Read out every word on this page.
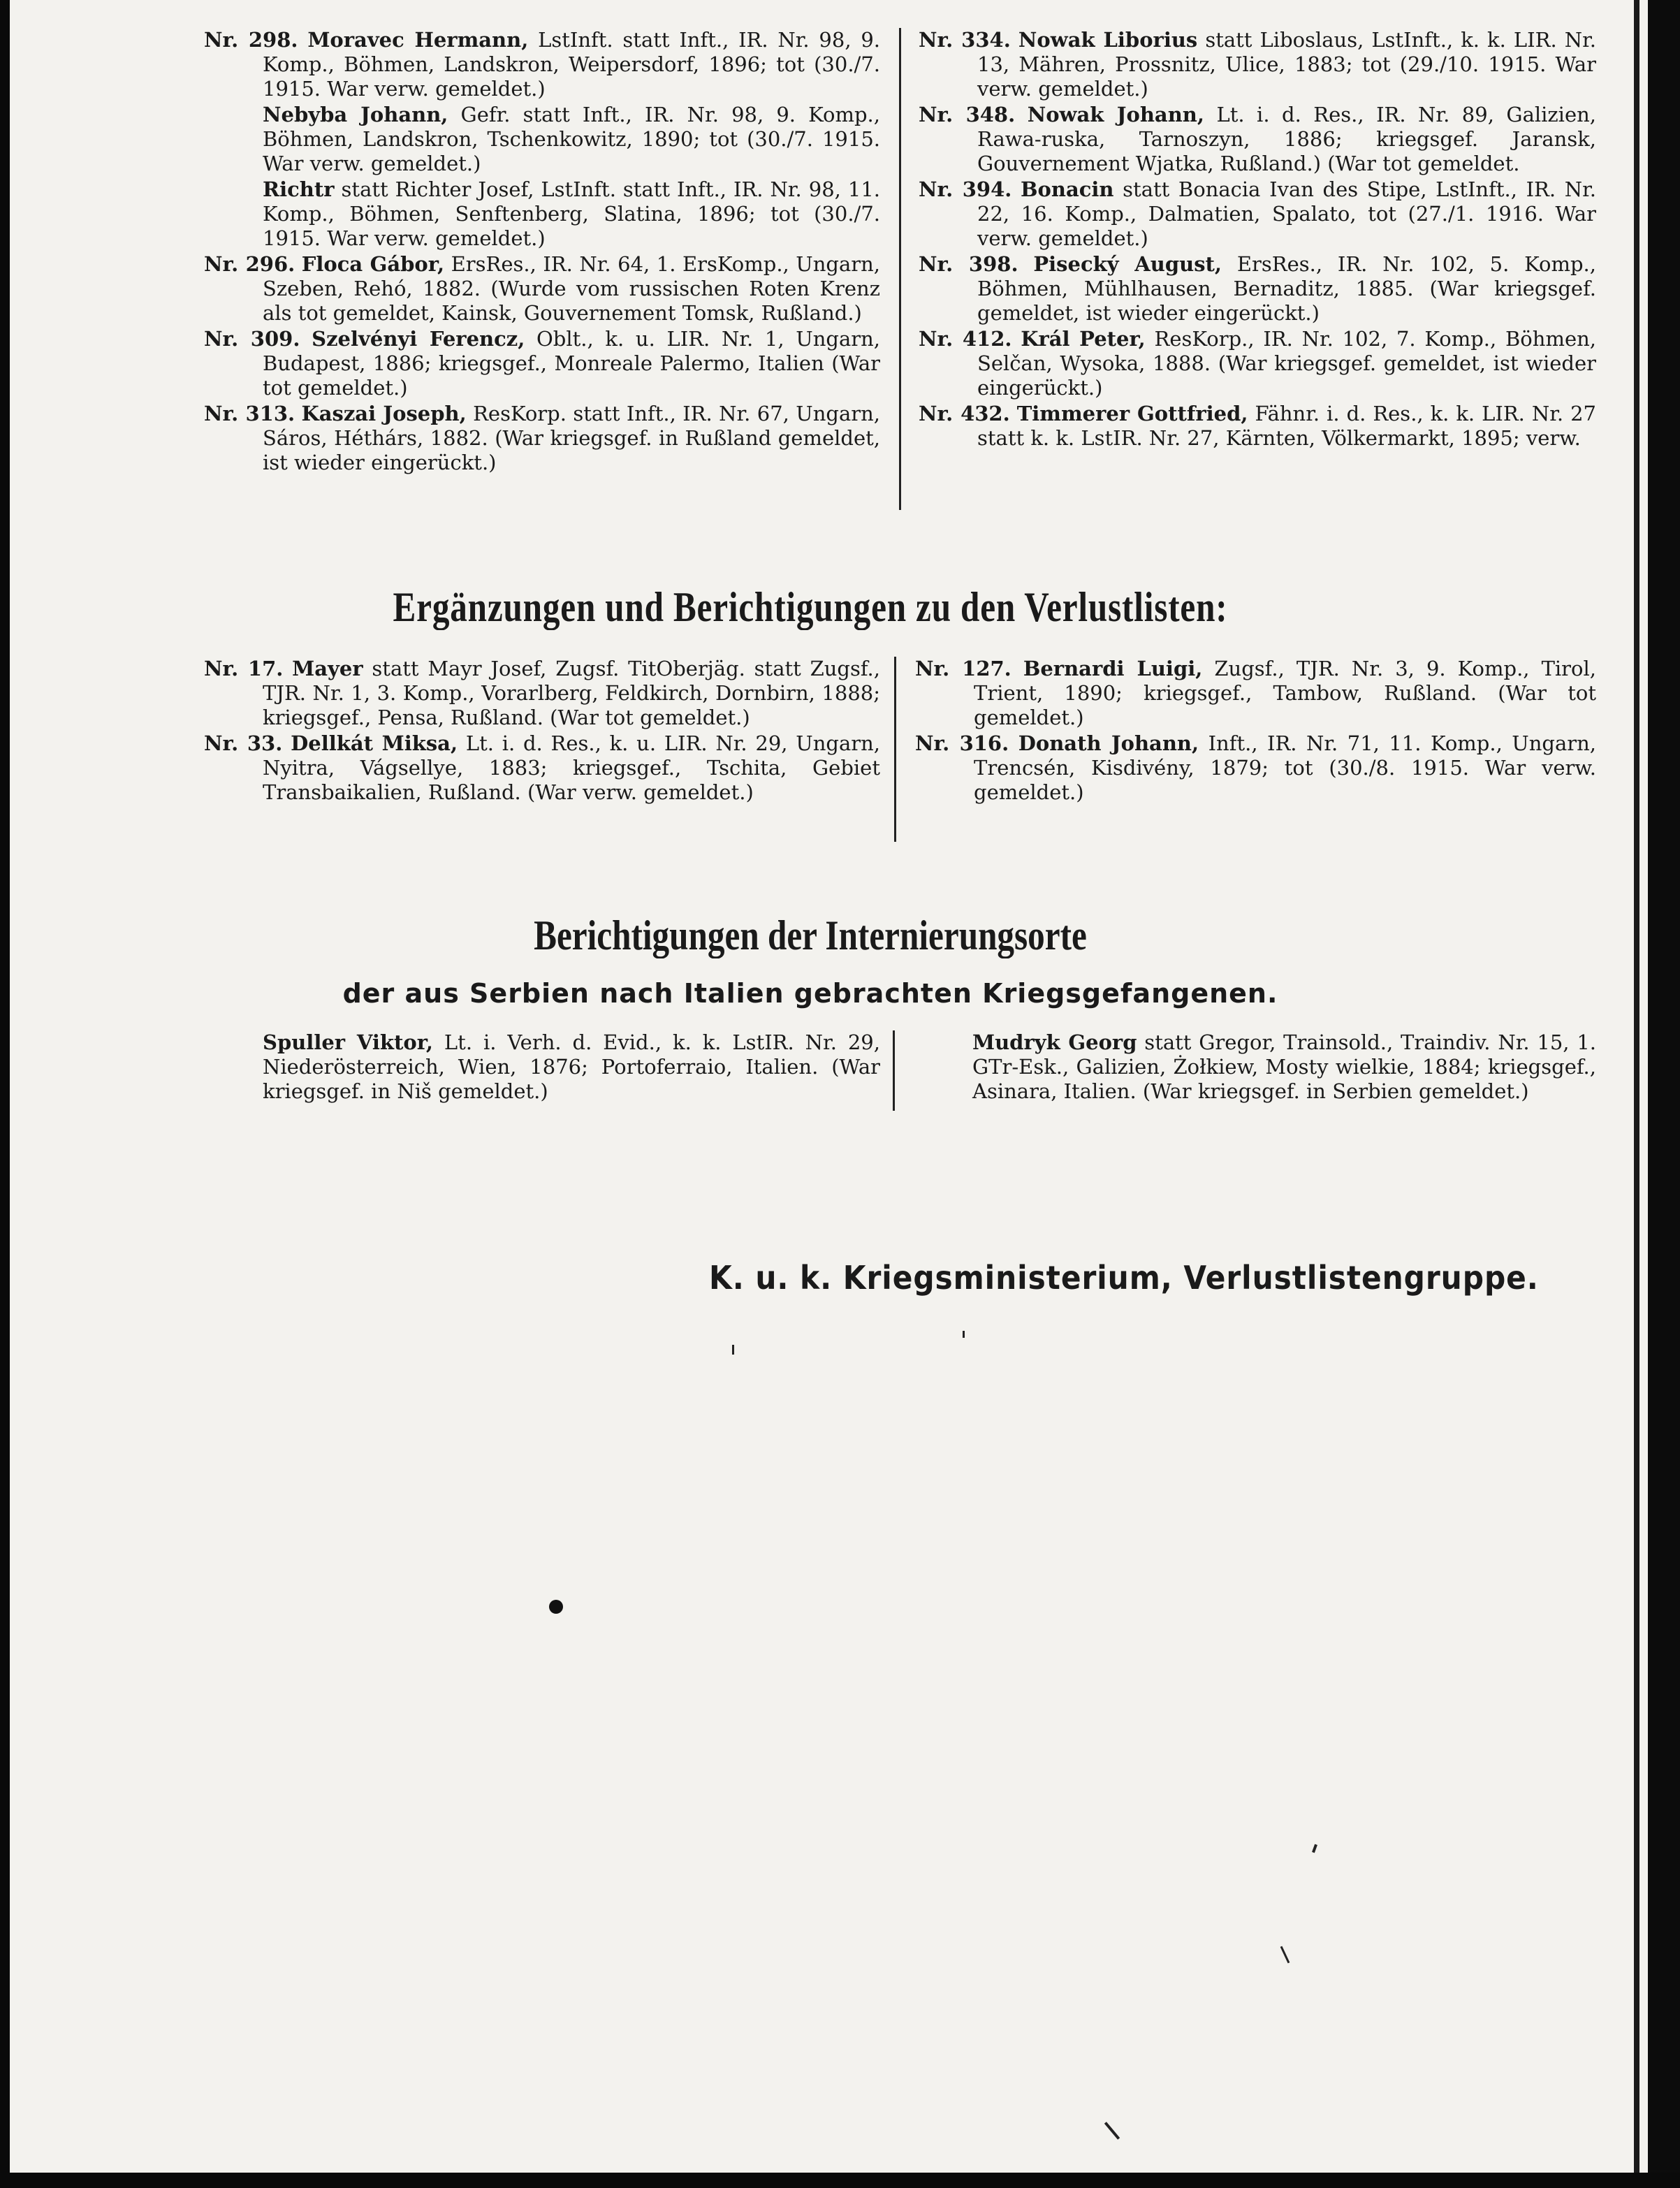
Nr. 298. Moravec Hermann, LstInft. statt Inft., IR. Nr. 98, 9. Komp., Böhmen, Landskron, Weipersdorf, 1896; tot (30./7. 1915. War verw. gemeldet.)
Nebyba Johann, Gefr. statt Inft., IR. Nr. 98, 9. Komp., Böhmen, Landskron, Tschenkowitz, 1890; tot (30./7. 1915. War verw. gemeldet.)
Richtr statt Richter Josef, LstInft. statt Inft., IR. Nr. 98, 11. Komp., Böhmen, Senftenberg, Slatina, 1896; tot (30./7. 1915. War verw. gemeldet.)
Nr. 296. Floca Gábor, ErsRes., IR. Nr. 64, 1. ErsKomp., Ungarn, Szeben, Rehó, 1882. (Wurde vom russischen Roten Krenz als tot gemeldet, Kainsk, Gouvernement Tomsk, Rußland.)
Nr. 309. Szelvényi Ferencz, Oblt., k. u. LIR. Nr. 1, Ungarn, Budapest, 1886; kriegsgef., Monreale Palermo, Italien (War tot gemeldet.)
Nr. 313. Kaszai Joseph, ResKorp. statt Inft., IR. Nr. 67, Ungarn, Sáros, Héthárs, 1882. (War kriegsgef. in Rußland gemeldet, ist wieder eingerückt.)
Nr. 334. Nowak Liborius statt Liboslaus, LstInft., k. k. LIR. Nr. 13, Mähren, Prossnitz, Ulice, 1883; tot (29./10. 1915. War verw. gemeldet.)
Nr. 348. Nowak Johann, Lt. i. d. Res., IR. Nr. 89, Galizien, Rawa-ruska, Tarnoszyn, 1886; kriegsgef. Jaransk, Gouvernement Wjatka, Rußland.) (War tot gemeldet.
Nr. 394. Bonacin statt Bonacia Ivan des Stipe, LstInft., IR. Nr. 22, 16. Komp., Dalmatien, Spalato, tot (27./1. 1916. War verw. gemeldet.)
Nr. 398. Pisecký August, ErsRes., IR. Nr. 102, 5. Komp., Böhmen, Mühlhausen, Bernaditz, 1885. (War kriegsgef. gemeldet, ist wieder eingerückt.)
Nr. 412. Král Peter, ResKorp., IR. Nr. 102, 7. Komp., Böhmen, Selčan, Wysoka, 1888. (War kriegsgef. gemeldet, ist wieder eingerückt.)
Nr. 432. Timmerer Gottfried, Fähnr. i. d. Res., k. k. LIR. Nr. 27 statt k. k. LstIR. Nr. 27, Kärnten, Völkermarkt, 1895; verw.
Ergänzungen und Berichtigungen zu den Verlustlisten:
Nr. 17. Mayer statt Mayr Josef, Zugsf. TitOberjäg. statt Zugsf., TJR. Nr. 1, 3. Komp., Vorarlberg, Feldkirch, Dornbirn, 1888; kriegsgef., Pensa, Rußland. (War tot gemeldet.)
Nr. 33. Dellkát Miksa, Lt. i. d. Res., k. u. LIR. Nr. 29, Ungarn, Nyitra, Vágsellye, 1883; kriegsgef., Tschita, Gebiet Transbaikalien, Rußland. (War verw. gemeldet.)
Nr. 127. Bernardi Luigi, Zugsf., TJR. Nr. 3, 9. Komp., Tirol, Trient, 1890; kriegsgef., Tambow, Rußland. (War tot gemeldet.)
Nr. 316. Donath Johann, Inft., IR. Nr. 71, 11. Komp., Ungarn, Trencsén, Kisdivény, 1879; tot (30./8. 1915. War verw. gemeldet.)
Berichtigungen der Internierungsorte
der aus Serbien nach Italien gebrachten Kriegsgefangenen.
Spuller Viktor, Lt. i. Verh. d. Evid., k. k. LstIR. Nr. 29, Niederösterreich, Wien, 1876; Portoferraio, Italien. (War kriegsgef. in Niš gemeldet.)
Mudryk Georg statt Gregor, Trainsold., Traindiv. Nr. 15, 1. GTr-Esk., Galizien, Żołkiew, Mosty wielkie, 1884; kriegsgef., Asinara, Italien. (War kriegsgef. in Serbien gemeldet.)
K. u. k. Kriegsministerium, Verlustlistengruppe.
